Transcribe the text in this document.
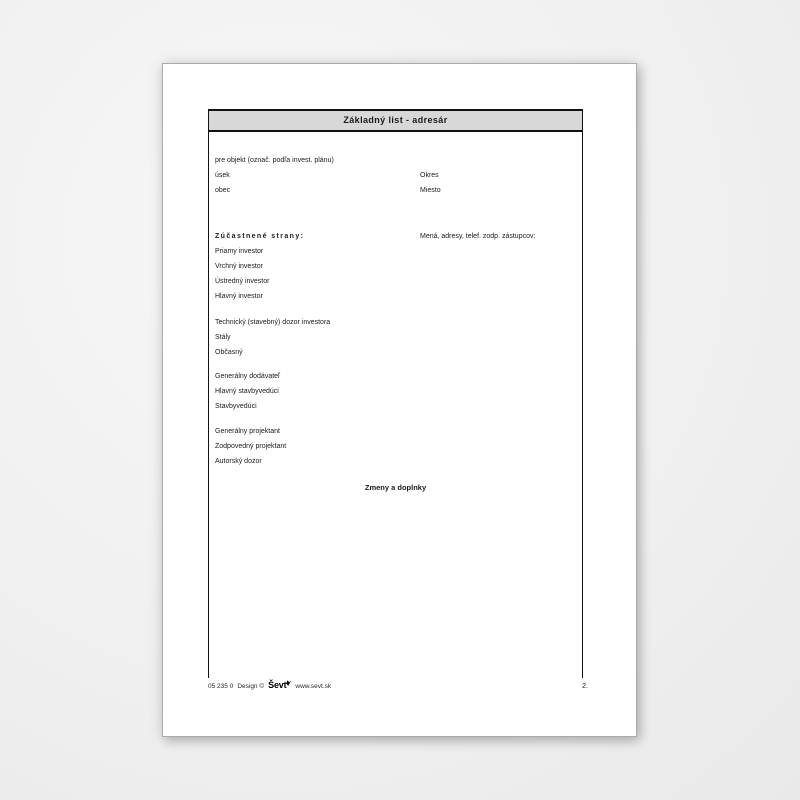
Základný list - adresár
pre objekt (označ. podľa invest. plánu)
úsek	Okres
obec	Miesto
Zúčastnené strany:	Mená, adresy, telef. zodp. zástupcov:
Priamy investor
Vrchný investor
Ústredný investor
Hlavný investor
Technický (stavebný) dozor investora
Stály
Občasný
Generálny dodávateľ
Hlavný stavbyvedúci
Stavbyvedúci
Generálny projektant
Zodpovedný projektant
Autorský dozor
Zmeny a doplnky
05 235 0 Design © Ševt	www.sevt.sk	2.
